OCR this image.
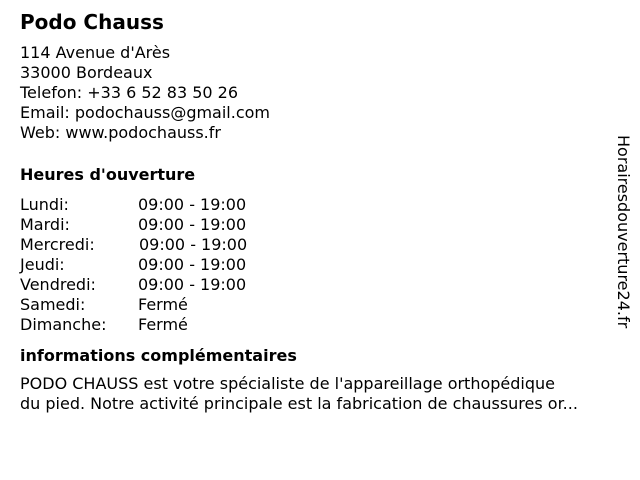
Podo Chauss
114 Avenue d'Arès
33000 Bordeaux
Telefon: +33 6 52 83 50 26
Email: podochauss@gmail.com
Web: www.podochauss.fr
Heures d'ouverture
Lundi:	09:00 - 19:00
Mardi:	09:00 - 19:00
Mercredi:	09:00 - 19:00
Jeudi:	09:00 - 19:00
Vendredi:	09:00 - 19:00
Samedi:	Fermé
Dimanche: Fermé
informations complémentaires
PODO CHAUSS est votre spécialiste de l'appareillage orthopédique
du pied. Notre activité principale est la fabrication de chaussures or...
Horairesdouverture24.fr
